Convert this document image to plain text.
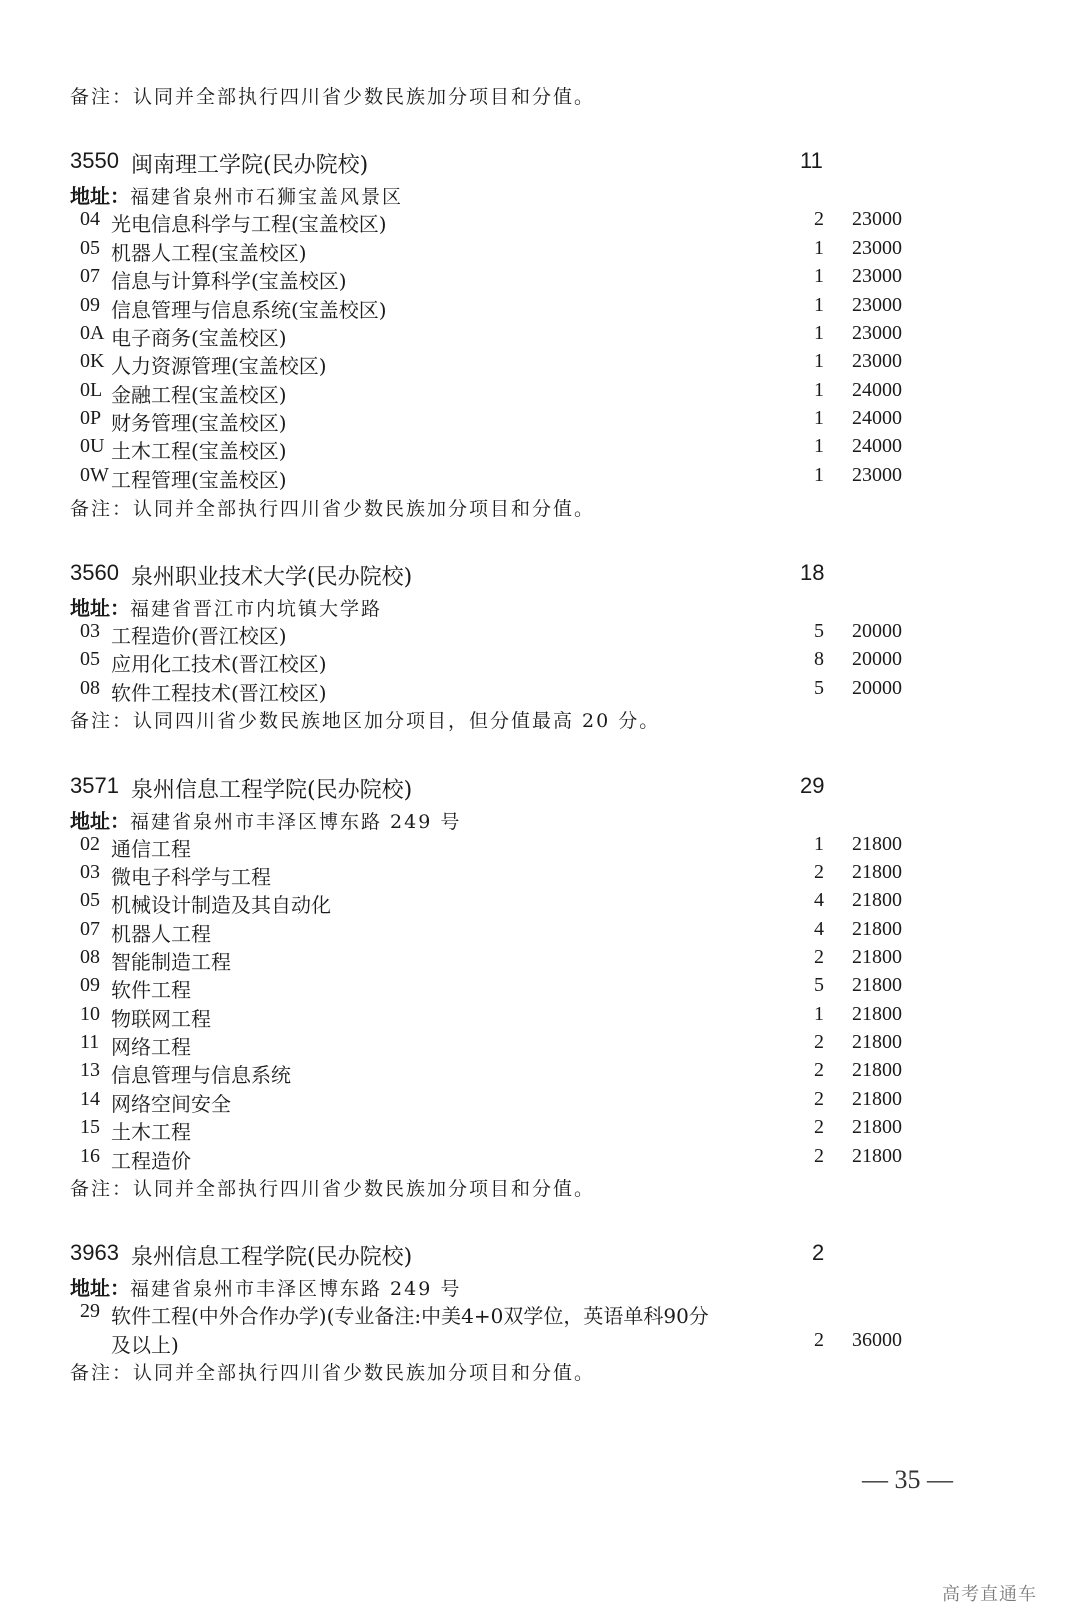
备注：认同并全部执行四川省少数民族加分项目和分值。
3550 闽南理工学院(民办院校)	11
地址：福建省泉州市石狮宝盖风景区
04 光电信息科学与工程(宝盖校区)	2 23000
05 机器人工程(宝盖校区)	1 23000
07 信息与计算科学(宝盖校区)	1 23000
09 信息管理与信息系统(宝盖校区)	1 23000
0A 电子商务(宝盖校区)	1 23000
0K 人力资源管理(宝盖校区)	1 23000
0L 金融工程(宝盖校区)	1 24000
0P 财务管理(宝盖校区)	1 24000
0U 土木工程(宝盖校区)	1 24000
0W 工程管理(宝盖校区)	1 23000
备注：认同并全部执行四川省少数民族加分项目和分值。
3560 泉州职业技术大学(民办院校)	18
地址：福建省晋江市内坑镇大学路
03 工程造价(晋江校区)	5 20000
05 应用化工技术(晋江校区)	8 20000
08 软件工程技术(晋江校区)	5 20000
备注：认同四川省少数民族地区加分项目，但分值最高 20 分。
3571 泉州信息工程学院(民办院校)	29
地址：福建省泉州市丰泽区博东路 249 号
02 通信工程	1 21800
03 微电子科学与工程	2 21800
05 机械设计制造及其自动化	4 21800
07 机器人工程	4 21800
08 智能制造工程	2 21800
09 软件工程	5 21800
10 物联网工程	1 21800
11 网络工程	2 21800
13 信息管理与信息系统	2 21800
14 网络空间安全	2 21800
15 土木工程	2 21800
16 工程造价	2 21800
备注：认同并全部执行四川省少数民族加分项目和分值。
3963 泉州信息工程学院(民办院校)	2
地址：福建省泉州市丰泽区博东路 249 号
29 软件工程(中外合作办学)(专业备注:中美4+0双学位，英语单科90分
及以上)	2 36000
备注：认同并全部执行四川省少数民族加分项目和分值。
— 35 —
高考直通车
